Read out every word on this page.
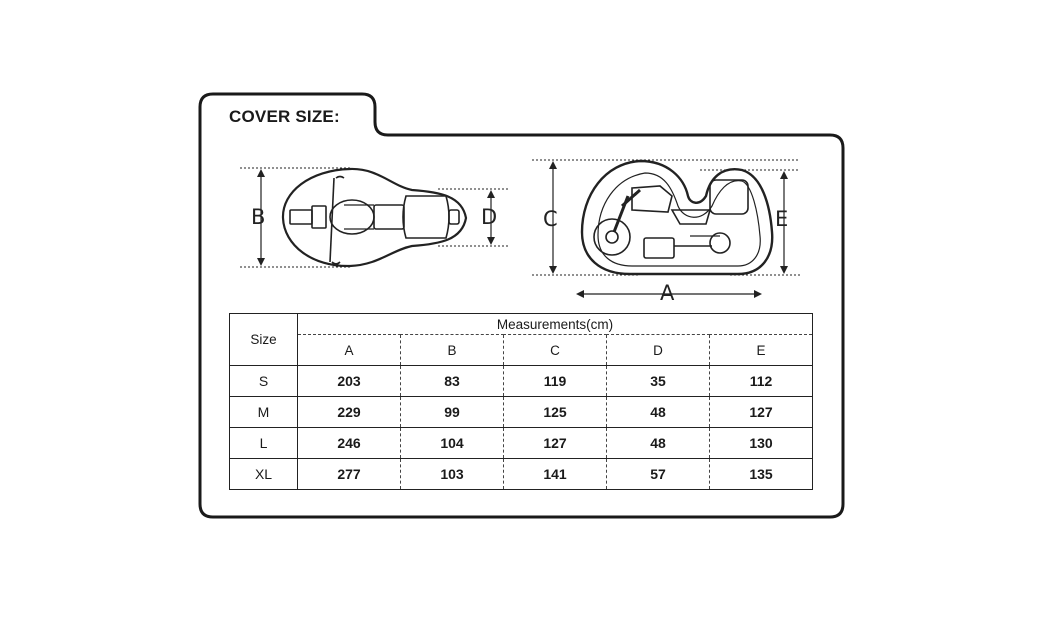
COVER SIZE:
B	D C	E
A
Size	Measurements(cm)				
	A	B	C	D	E
S	203	83	119	35	112
M	229	99	125	48	127
L	246	104	127	48	130
XL	277	103	141	57	135
